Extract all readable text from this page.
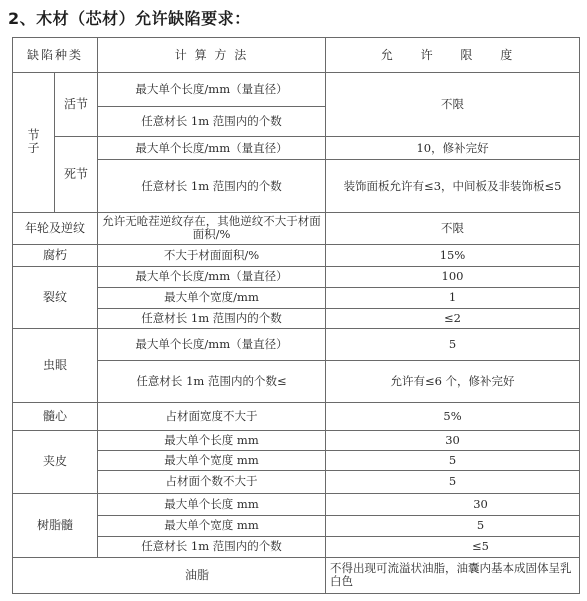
2、木材（芯材）允许缺陷要求：
缺陷种类		计 算 方 法	允 许 限 度
节子	活节	最大单个长度/mm（量直径）	不限
		任意材长 1m 范围内的个数	
	死节	最大单个长度/mm（量直径）	10，修补完好
		任意材长 1m 范围内的个数	装饰面板允许有≤3，中间板及非装饰板≤5
年轮及逆纹		允许无呛茬逆纹存在，其他逆纹不大于材面面积/%	不限
腐朽		不大于材面面积/%	15%
裂纹		最大单个长度/mm（量直径）	100
		最大单个宽度/mm	1
		任意材长 1m 范围内的个数	≤2
虫眼		最大单个长度/mm（量直径）	5
		任意材长 1m 范围内的个数≤	允许有≤6 个，修补完好
髓心		占材面宽度不大于	5%
夹皮		最大单个长度 mm	30
		最大单个宽度 mm	5
		占材面个数不大于	5
树脂髓		最大单个长度 mm	30
		最大单个宽度 mm	5
		任意材长 1m 范围内的个数	≤5
油脂			不得出现可流溢状油脂，油囊内基本成固体呈乳白色
